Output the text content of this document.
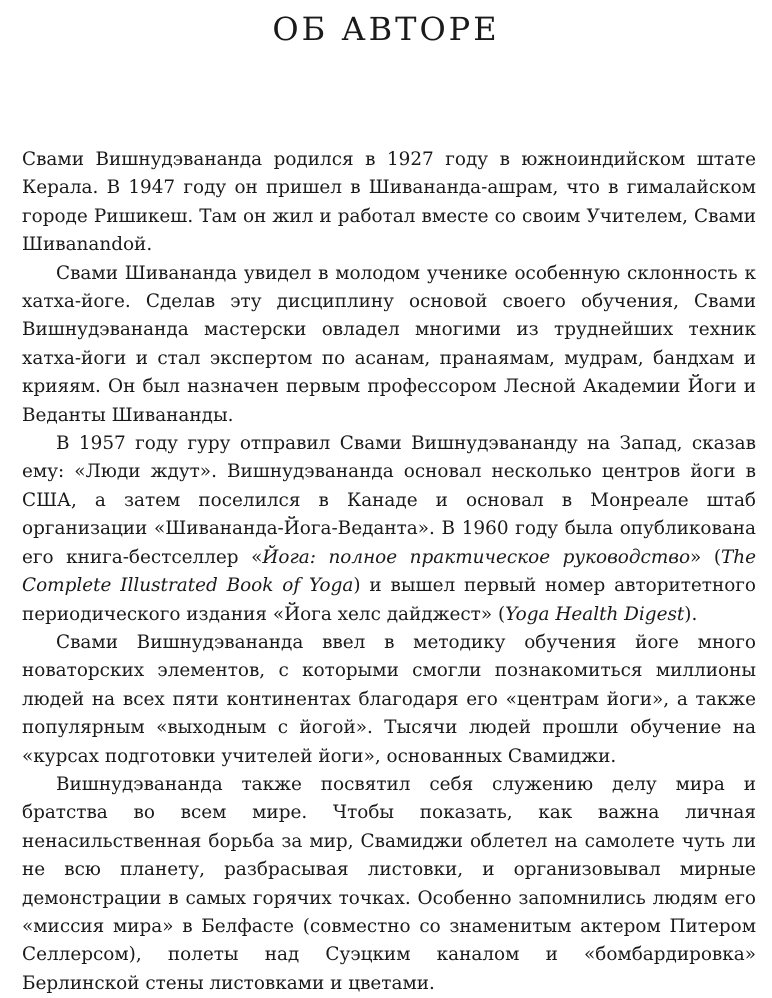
ОБ АВТОРЕ

Свами Вишнудэвананда родился в 1927 году в южноиндийском штате Керала. В 1947 году он пришел в Шивананда-ашрам, что в гималайском городе Ришикеш. Там он жил и работал вместе со своим Учителем, Свами Шивanandой.

Свами Шивананда увидел в молодом ученике особенную склонность к хатха-йоге. Сделав эту дисциплину основой своего обучения, Свами Вишнудэвананда мастерски овладел многими из труднейших техник хатха-йоги и стал экспертом по асанам, пранаямам, мудрам, бандхам и крияям. Он был назначен первым профессором Лесной Академии Йоги и Веданты Шивананды.

В 1957 году гуру отправил Свами Вишнудэвананду на Запад, сказав ему: «Люди ждут». Вишнудэвананда основал несколько центров йоги в США, а затем поселился в Канаде и основал в Монреале штаб организации «Шивананда-Йога-Веданта». В 1960 году была опубликована его книга-бестселлер «Йога: полное практическое руководство» (The Complete Illustrated Book of Yoga) и вышел первый номер авторитетного периодического издания «Йога хелс дайджест» (Yoga Health Digest).

Свами Вишнудэвананда ввел в методику обучения йоге много новаторских элементов, с которыми смогли познакомиться миллионы людей на всех пяти континентах благодаря его «центрам йоги», а также популярным «выходным с йогой». Тысячи людей прошли обучение на «курсах подготовки учителей йоги», основанных Свамиджи.

Вишнудэвананда также посвятил себя служению делу мира и братства во всем мире. Чтобы показать, как важна личная ненасильственная борьба за мир, Свамиджи облетел на самолете чуть ли не всю планету, разбрасывая листовки, и организовывал мирные демонстрации в самых горячих точках. Особенно запомнились людям его «миссия мира» в Белфасте (совместно со знаменитым актером Питером Селлерсом), полеты над Суэцким каналом и «бомбардировка» Берлинской стены листовками и цветами.
